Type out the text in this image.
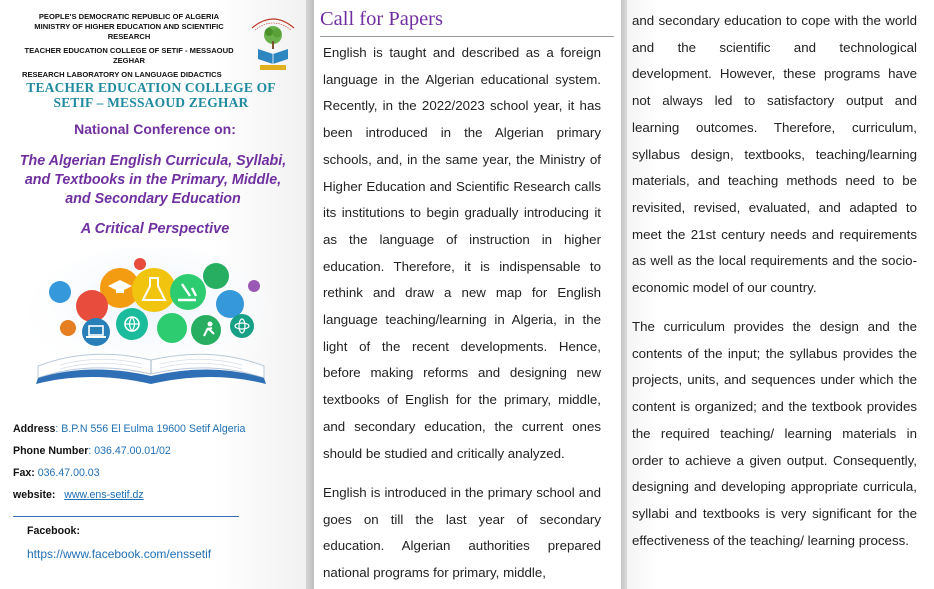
PEOPLE'S DEMOCRATIC REPUBLIC OF ALGERIA
MINISTRY OF HIGHER EDUCATION AND SCIENTIFIC RESEARCH
TEACHER EDUCATION COLLEGE OF SETIF - MESSAOUD ZEGHAR
RESEARCH LABORATORY ON LANGUAGE DIDACTICS
TEACHER EDUCATION COLLEGE OF SETIF – MESSAOUD ZEGHAR
National Conference on:
The Algerian English Curricula, Syllabi, and Textbooks in the Primary, Middle, and Secondary Education
A Critical Perspective
Address: B.P.N 556 El Eulma 19600 Setif Algeria
Phone Number: 036.47.00.01/02
Fax: 036.47.00.03
website: www.ens-setif.dz
Facebook:
https://www.facebook.com/enssetif
Call for Papers
English is taught and described as a foreign language in the Algerian educational system. Recently, in the 2022/2023 school year, it has been introduced in the Algerian primary schools, and, in the same year, the Ministry of Higher Education and Scientific Research calls its institutions to begin gradually introducing it as the language of instruction in higher education. Therefore, it is indispensable to rethink and draw a new map for English language teaching/learning in Algeria, in the light of the recent developments. Hence, before making reforms and designing new textbooks of English for the primary, middle, and secondary education, the current ones should be studied and critically analyzed.
English is introduced in the primary school and goes on till the last year of secondary education. Algerian authorities prepared national programs for primary, middle,
and secondary education to cope with the world and the scientific and technological development. However, these programs have not always led to satisfactory output and learning outcomes. Therefore, curriculum, syllabus design, textbooks, teaching/learning materials, and teaching methods need to be revisited, revised, evaluated, and adapted to meet the 21st century needs and requirements as well as the local requirements and the socio-economic model of our country.
The curriculum provides the design and the contents of the input; the syllabus provides the projects, units, and sequences under which the content is organized; and the textbook provides the required teaching/ learning materials in order to achieve a given output. Consequently, designing and developing appropriate curricula, syllabi and textbooks is very significant for the effectiveness of the teaching/ learning process.
